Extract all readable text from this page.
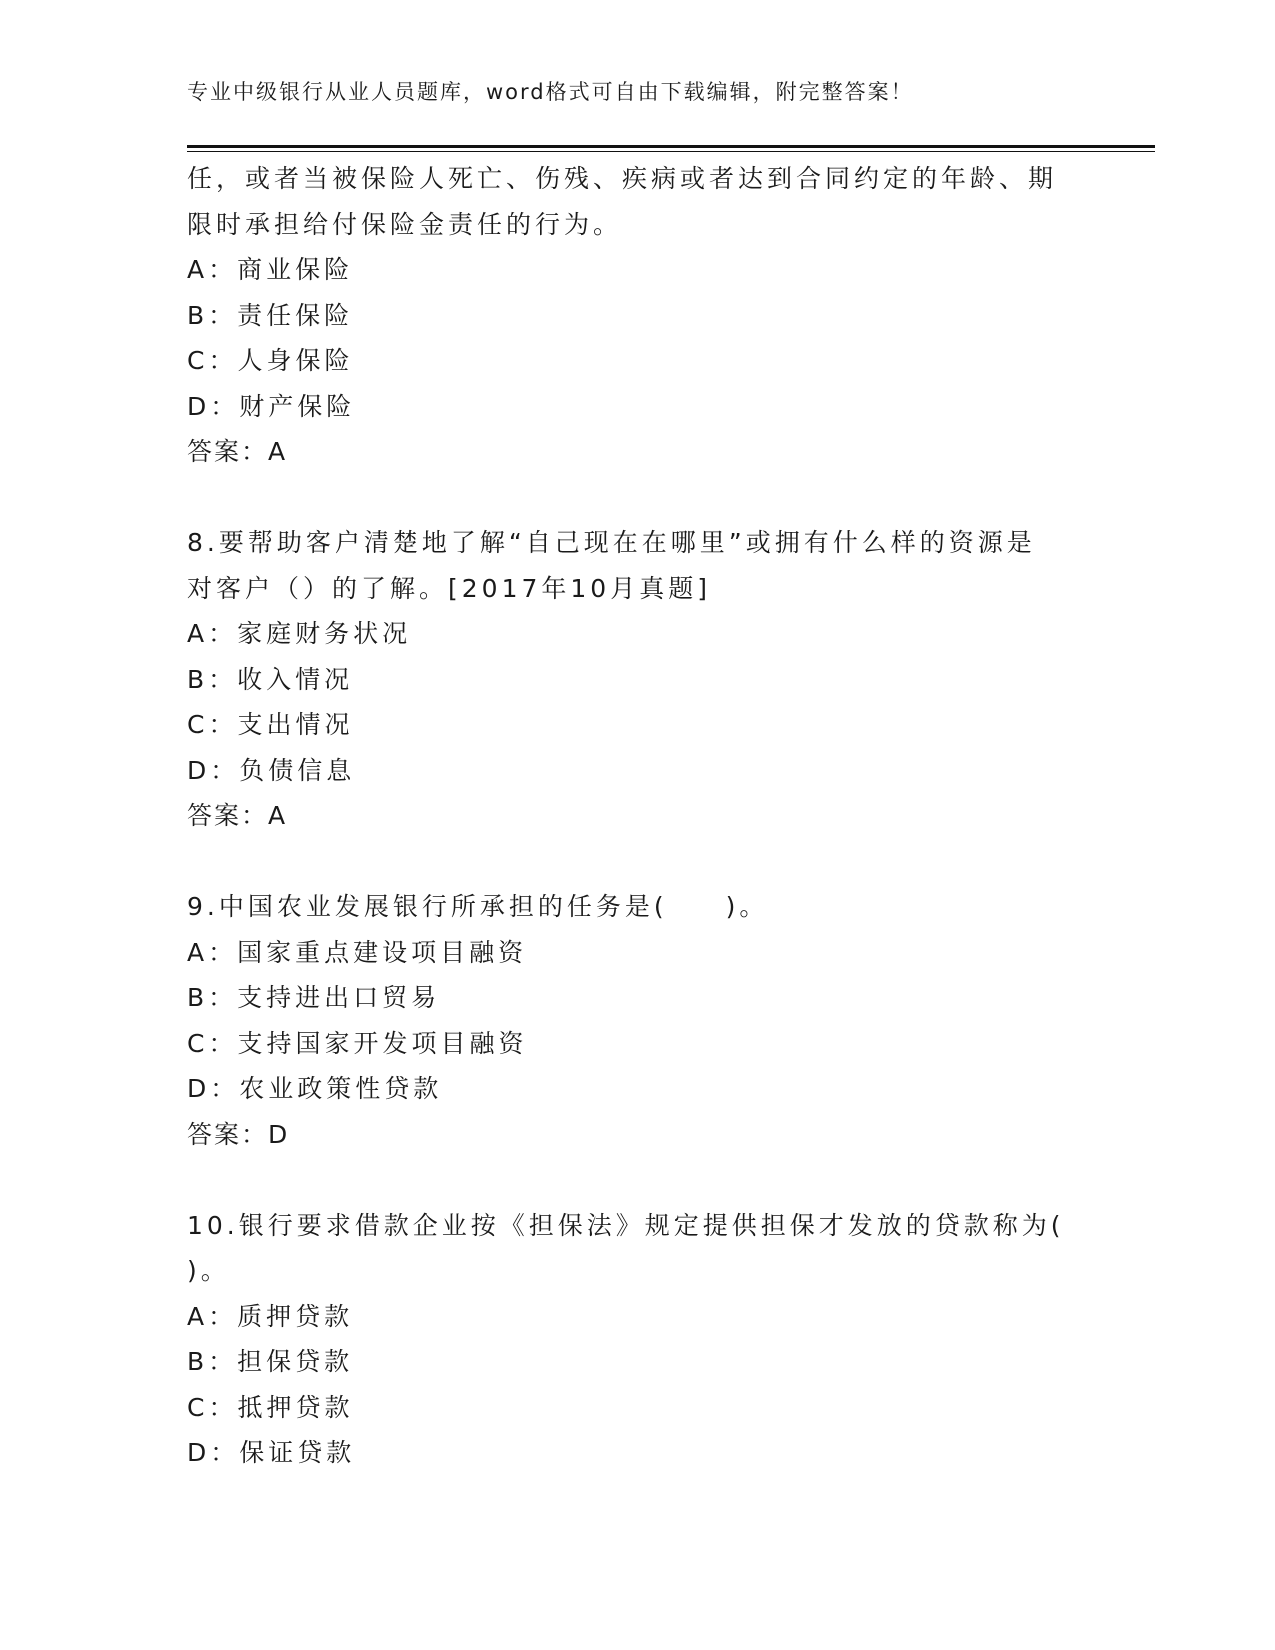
专业中级银行从业人员题库，word格式可自由下载编辑，附完整答案！
任，或者当被保险人死亡、伤残、疾病或者达到合同约定的年龄、期
限时承担给付保险金责任的行为。
A：商业保险
B：责任保险
C：人身保险
D：财产保险
答案：A
8.要帮助客户清楚地了解“自己现在在哪里”或拥有什么样的资源是
对客户（）的了解。[2017年10月真题]
A：家庭财务状况
B：收入情况
C：支出情况
D：负债信息
答案：A
9.中国农业发展银行所承担的任务是(　　)。
A：国家重点建设项目融资
B：支持进出口贸易
C：支持国家开发项目融资
D：农业政策性贷款
答案：D
10.银行要求借款企业按《担保法》规定提供担保才发放的贷款称为(
)。
A：质押贷款
B：担保贷款
C：抵押贷款
D：保证贷款
